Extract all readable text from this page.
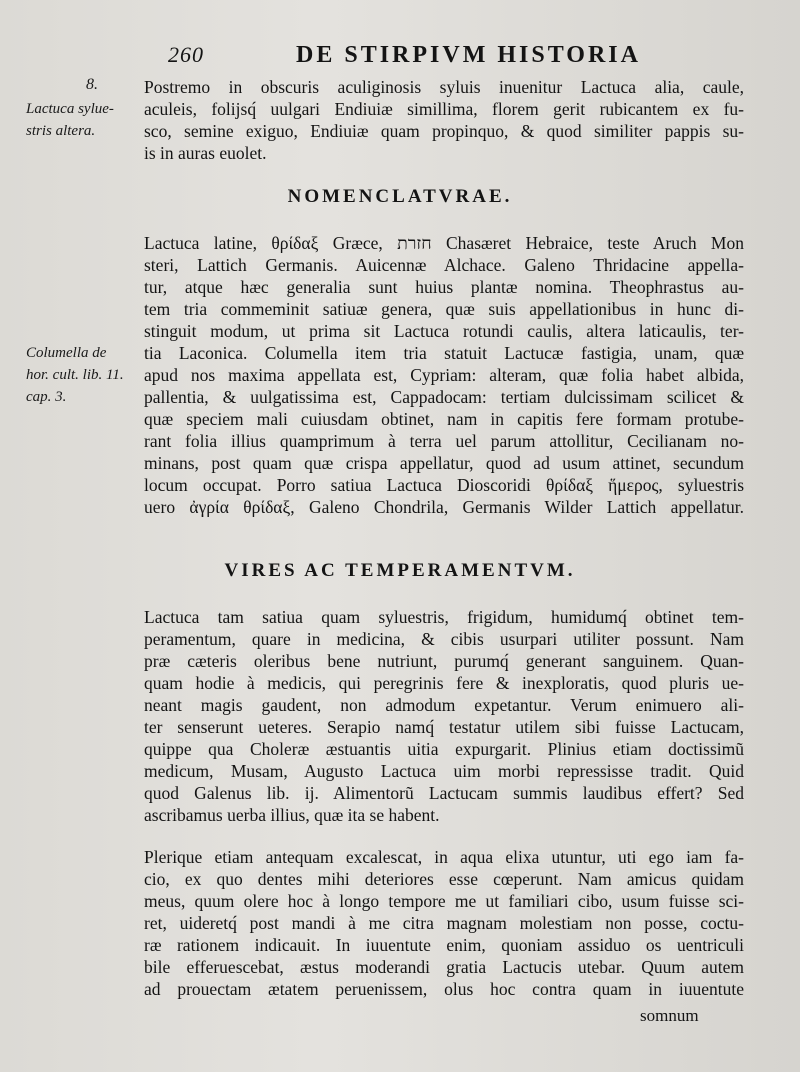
260	DE STIRPIVM HISTORIA
8.
Lactuca sylue-
stris altera.
Columella de
hor. cult. lib. 11.
cap. 3.
Postremo in obscuris aculiginosis syluis inuenitur Lactuca alia, caule,
aculeis, folijsq́ uulgari Endiuiæ simillima, florem gerit rubicantem ex fu-
sco, semine exiguo, Endiuiæ quam propinquo, & quod similiter pappis su-
is in auras euolet.
NOMENCLATVRAE.
Lactuca latine, θρίδαξ Græce, חזרת Chasæret Hebraice, teste Aruch Mon
steri, Lattich Germanis. Auicennæ Alchace. Galeno Thridacine appella-
tur, atque hæc generalia sunt huius plantæ nomina. Theophrastus au-
tem tria commeminit satiuæ genera, quæ suis appellationibus in hunc di-
stinguit modum, ut prima sit Lactuca rotundi caulis, altera laticaulis, ter-
tia Laconica. Columella item tria statuit Lactucæ fastigia, unam, quæ
apud nos maxima appellata est, Cypriam: alteram, quæ folia habet albida,
pallentia, & uulgatissima est, Cappadocam: tertiam dulcissimam scilicet &
quæ speciem mali cuiusdam obtinet, nam in capitis fere formam protube-
rant folia illius quamprimum à terra uel parum attollitur, Cecilianam no-
minans, post quam quæ crispa appellatur, quod ad usum attinet, secundum
locum occupat. Porro satiua Lactuca Dioscoridi θρίδαξ ἥμερος, syluestris
uero ἀγρία θρίδαξ, Galeno Chondrila, Germanis Wilder Lattich appellatur.
VIRES AC TEMPERAMENTVM.
Lactuca tam satiua quam syluestris, frigidum, humidumq́ obtinet tem-
peramentum, quare in medicina, & cibis usurpari utiliter possunt. Nam
præ cæteris oleribus bene nutriunt, purumq́ generant sanguinem. Quan-
quam hodie à medicis, qui peregrinis fere & inexploratis, quod pluris ue-
neant magis gaudent, non admodum expetantur. Verum enimuero ali-
ter senserunt ueteres. Serapio namq́ testatur utilem sibi fuisse Lactucam,
quippe qua Choleræ æstuantis uitia expurgarit. Plinius etiam doctissimũ
medicum, Musam, Augusto Lactuca uim morbi repressisse tradit. Quid
quod Galenus lib. ij. Alimentorũ Lactucam summis laudibus effert? Sed
ascribamus uerba illius, quæ ita se habent.
Plerique etiam antequam excalescat, in aqua elixa utuntur, uti ego iam fa-
cio, ex quo dentes mihi deteriores esse cœperunt. Nam amicus quidam
meus, quum olere hoc à longo tempore me ut familiari cibo, usum fuisse sci-
ret, uideretq́ post mandi à me citra magnam molestiam non posse, coctu-
ræ rationem indicauit. In iuuentute enim, quoniam assiduo os uentriculi
bile efferuescebat, æstus moderandi gratia Lactucis utebar. Quum autem
ad prouectam ætatem peruenissem, olus hoc contra quam in iuuentute
somnum
